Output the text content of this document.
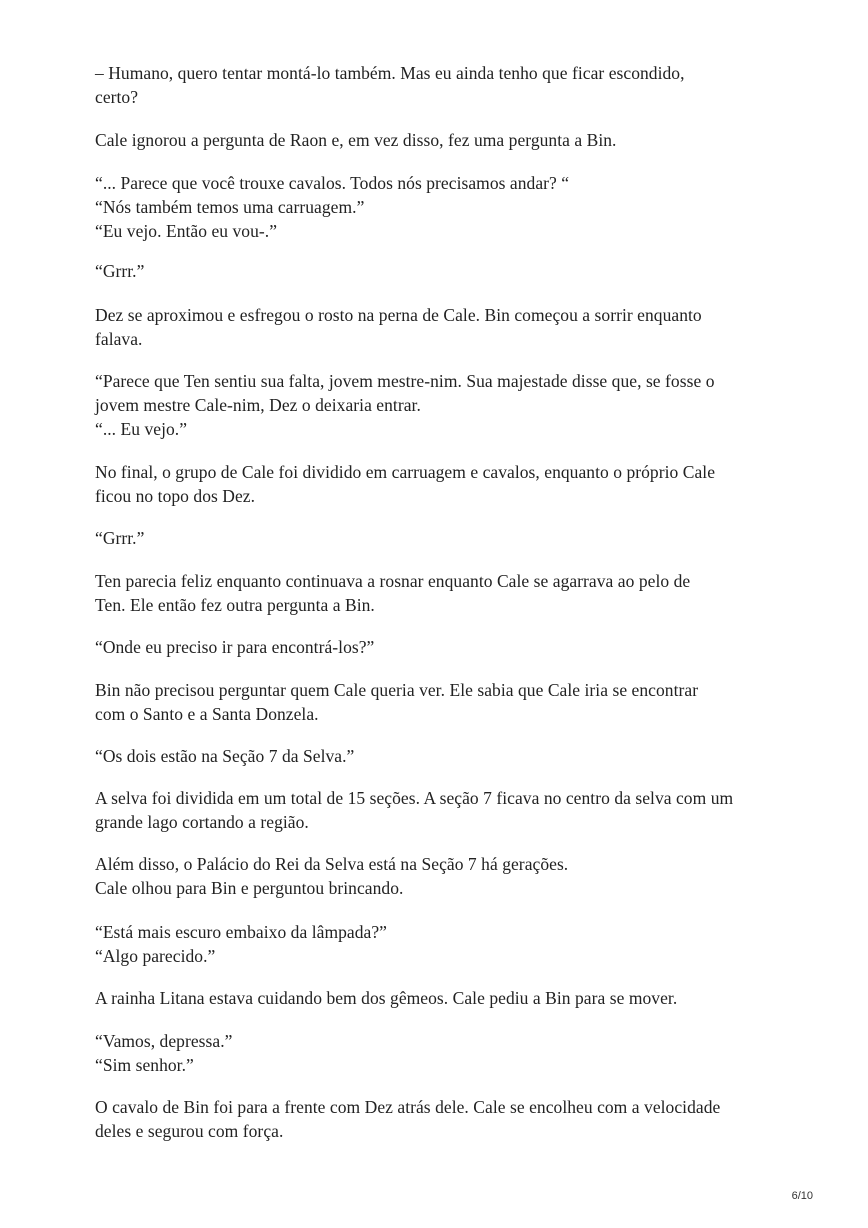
– Humano, quero tentar montá-lo também. Mas eu ainda tenho que ficar escondido,
certo?

Cale ignorou a pergunta de Raon e, em vez disso, fez uma pergunta a Bin.

“... Parece que você trouxe cavalos. Todos nós precisamos andar? “
“Nós também temos uma carruagem.”
“Eu vejo. Então eu vou-.”

“Grrr.”

Dez se aproximou e esfregou o rosto na perna de Cale. Bin começou a sorrir enquanto
falava.

“Parece que Ten sentiu sua falta, jovem mestre-nim. Sua majestade disse que, se fosse o
jovem mestre Cale-nim, Dez o deixaria entrar.
“... Eu vejo.”

No final, o grupo de Cale foi dividido em carruagem e cavalos, enquanto o próprio Cale
ficou no topo dos Dez.

“Grrr.”

Ten parecia feliz enquanto continuava a rosnar enquanto Cale se agarrava ao pelo de
Ten. Ele então fez outra pergunta a Bin.

“Onde eu preciso ir para encontrá-los?”

Bin não precisou perguntar quem Cale queria ver. Ele sabia que Cale iria se encontrar
com o Santo e a Santa Donzela.

“Os dois estão na Seção 7 da Selva.”

A selva foi dividida em um total de 15 seções. A seção 7 ficava no centro da selva com um
grande lago cortando a região.

Além disso, o Palácio do Rei da Selva está na Seção 7 há gerações.
Cale olhou para Bin e perguntou brincando.

“Está mais escuro embaixo da lâmpada?”
“Algo parecido.”

A rainha Litana estava cuidando bem dos gêmeos. Cale pediu a Bin para se mover.

“Vamos, depressa.”
“Sim senhor.”

O cavalo de Bin foi para a frente com Dez atrás dele. Cale se encolheu com a velocidade
deles e segurou com força.

6/10
